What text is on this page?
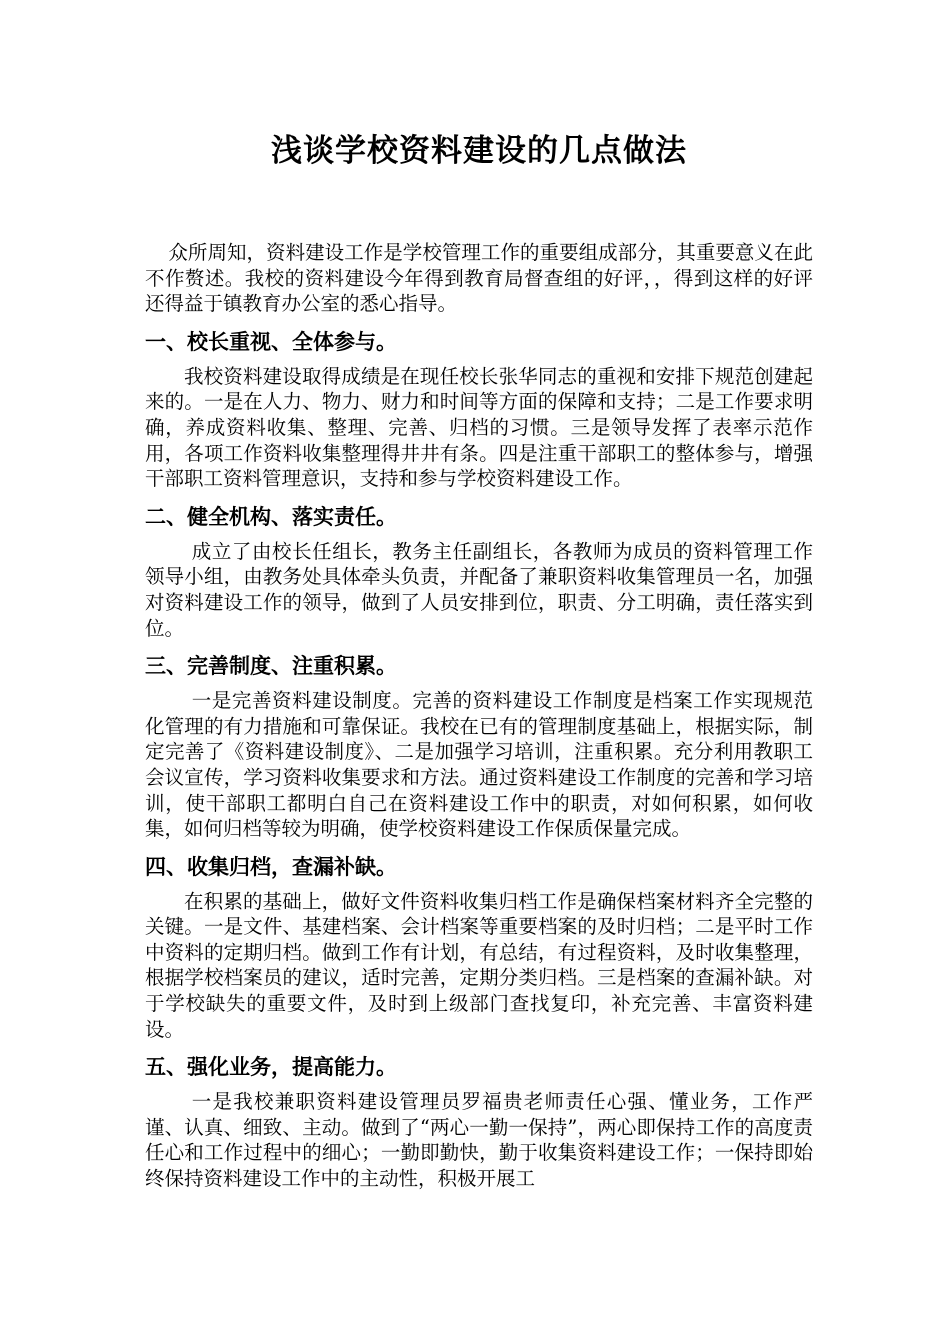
浅谈学校资料建设的几点做法

众所周知，资料建设工作是学校管理工作的重要组成部分，其重要意义在此不作赘述。我校的资料建设今年得到教育局督查组的好评，，得到这样的好评还得益于镇教育办公室的悉心指导。

一、校长重视、全体参与。

我校资料建设取得成绩是在现任校长张华同志的重视和安排下规范创建起来的。一是在人力、物力、财力和时间等方面的保障和支持；二是工作要求明确，养成资料收集、整理、完善、归档的习惯。三是领导发挥了表率示范作用，各项工作资料收集整理得井井有条。四是注重干部职工的整体参与，增强干部职工资料管理意识，支持和参与学校资料建设工作。

二、健全机构、落实责任。

成立了由校长任组长，教务主任副组长，各教师为成员的资料管理工作领导小组，由教务处具体牵头负责，并配备了兼职资料收集管理员一名，加强对资料建设工作的领导，做到了人员安排到位，职责、分工明确，责任落实到位。

三、完善制度、注重积累。

一是完善资料建设制度。完善的资料建设工作制度是档案工作实现规范化管理的有力措施和可靠保证。我校在已有的管理制度基础上，根据实际，制定完善了《资料建设制度》、二是加强学习培训，注重积累。充分利用教职工会议宣传，学习资料收集要求和方法。通过资料建设工作制度的完善和学习培训，使干部职工都明白自己在资料建设工作中的职责，对如何积累，如何收集，如何归档等较为明确，使学校资料建设工作保质保量完成。

四、收集归档，查漏补缺。

在积累的基础上，做好文件资料收集归档工作是确保档案材料齐全完整的关键。一是文件、基建档案、会计档案等重要档案的及时归档；二是平时工作中资料的定期归档。做到工作有计划，有总结，有过程资料，及时收集整理，根据学校档案员的建议，适时完善，定期分类归档。三是档案的查漏补缺。对于学校缺失的重要文件，及时到上级部门查找复印，补充完善、丰富资料建设。

五、强化业务，提高能力。

一是我校兼职资料建设管理员罗福贵老师责任心强、懂业务，工作严谨、认真、细致、主动。做到了“两心一勤一保持”，两心即保持工作的高度责任心和工作过程中的细心；一勤即勤快，勤于收集资料建设工作；一保持即始终保持资料建设工作中的主动性，积极开展工
